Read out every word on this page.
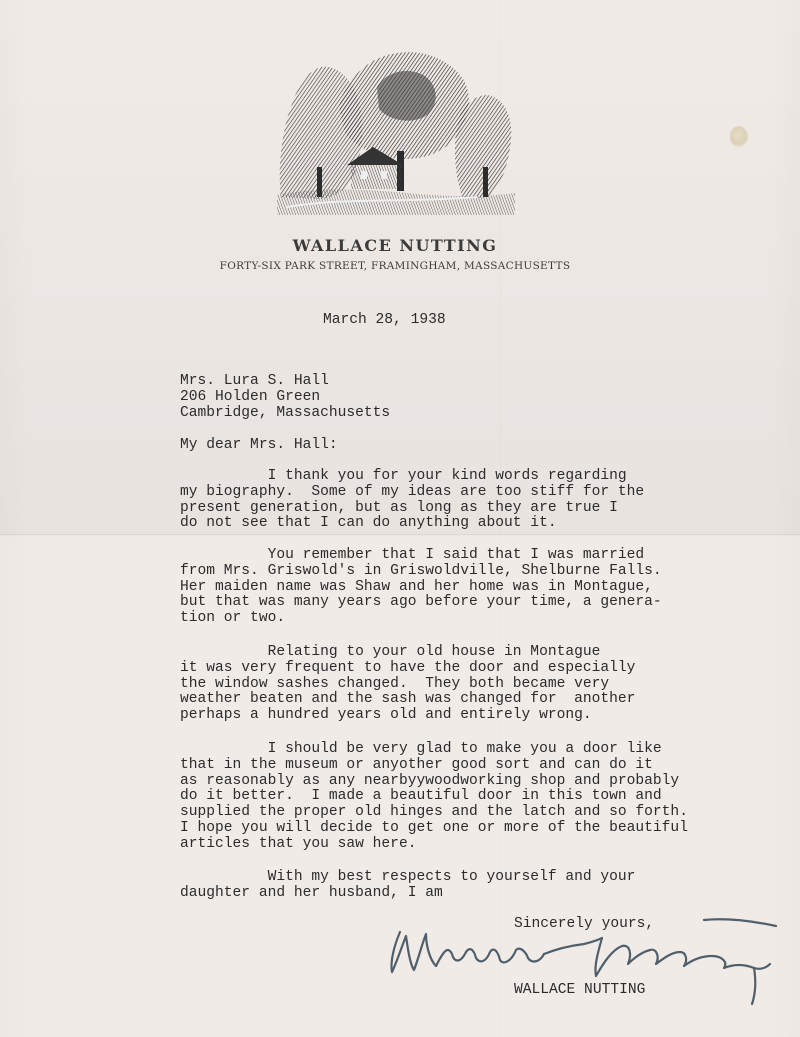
WALLACE NUTTING
FORTY-SIX PARK STREET, FRAMINGHAM, MASSACHUSETTS
March 28, 1938
Mrs. Lura S. Hall
206 Holden Green
Cambridge, Massachusetts
My dear Mrs. Hall:
I thank you for your kind words regarding
my biography.  Some of my ideas are too stiff for the
present generation, but as long as they are true I
do not see that I can do anything about it.
You remember that I said that I was married
from Mrs. Griswold's in Griswoldville, Shelburne Falls.
Her maiden name was Shaw and her home was in Montague,
but that was many years ago before your time, a genera-
tion or two.
Relating to your old house in Montague
it was very frequent to have the door and especially
the window sashes changed.  They both became very
weather beaten and the sash was changed for  another
perhaps a hundred years old and entirely wrong.
I should be very glad to make you a door like
that in the museum or anyother good sort and can do it
as reasonably as any nearbyywoodworking shop and probably
do it better.  I made a beautiful door in this town and
supplied the proper old hinges and the latch and so forth.
I hope you will decide to get one or more of the beautiful
articles that you saw here.
With my best respects to yourself and your
daughter and her husband, I am
Sincerely yours,
WALLACE NUTTING
